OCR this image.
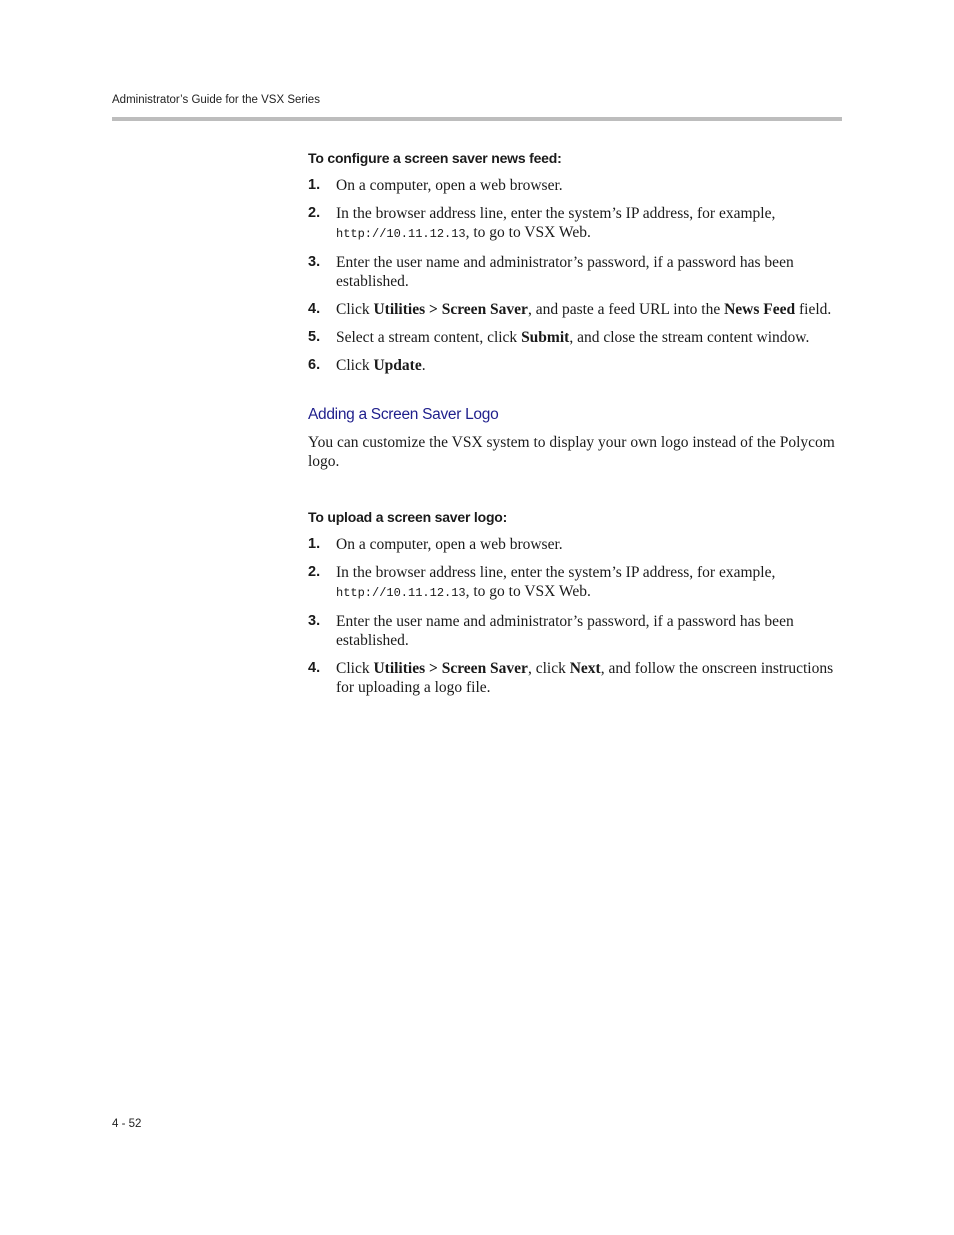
Administrator’s Guide for the VSX Series
To configure a screen saver news feed:
1. On a computer, open a web browser.
2. In the browser address line, enter the system’s IP address, for example, http://10.11.12.13, to go to VSX Web.
3. Enter the user name and administrator’s password, if a password has been established.
4. Click Utilities > Screen Saver, and paste a feed URL into the News Feed field.
5. Select a stream content, click Submit, and close the stream content window.
6. Click Update.
Adding a Screen Saver Logo

You can customize the VSX system to display your own logo instead of the Polycom logo.

To upload a screen saver logo:
1. On a computer, open a web browser.
2. In the browser address line, enter the system’s IP address, for example, http://10.11.12.13, to go to VSX Web.
3. Enter the user name and administrator’s password, if a password has been established.
4. Click Utilities > Screen Saver, click Next, and follow the onscreen instructions for uploading a logo file.
4 - 52
